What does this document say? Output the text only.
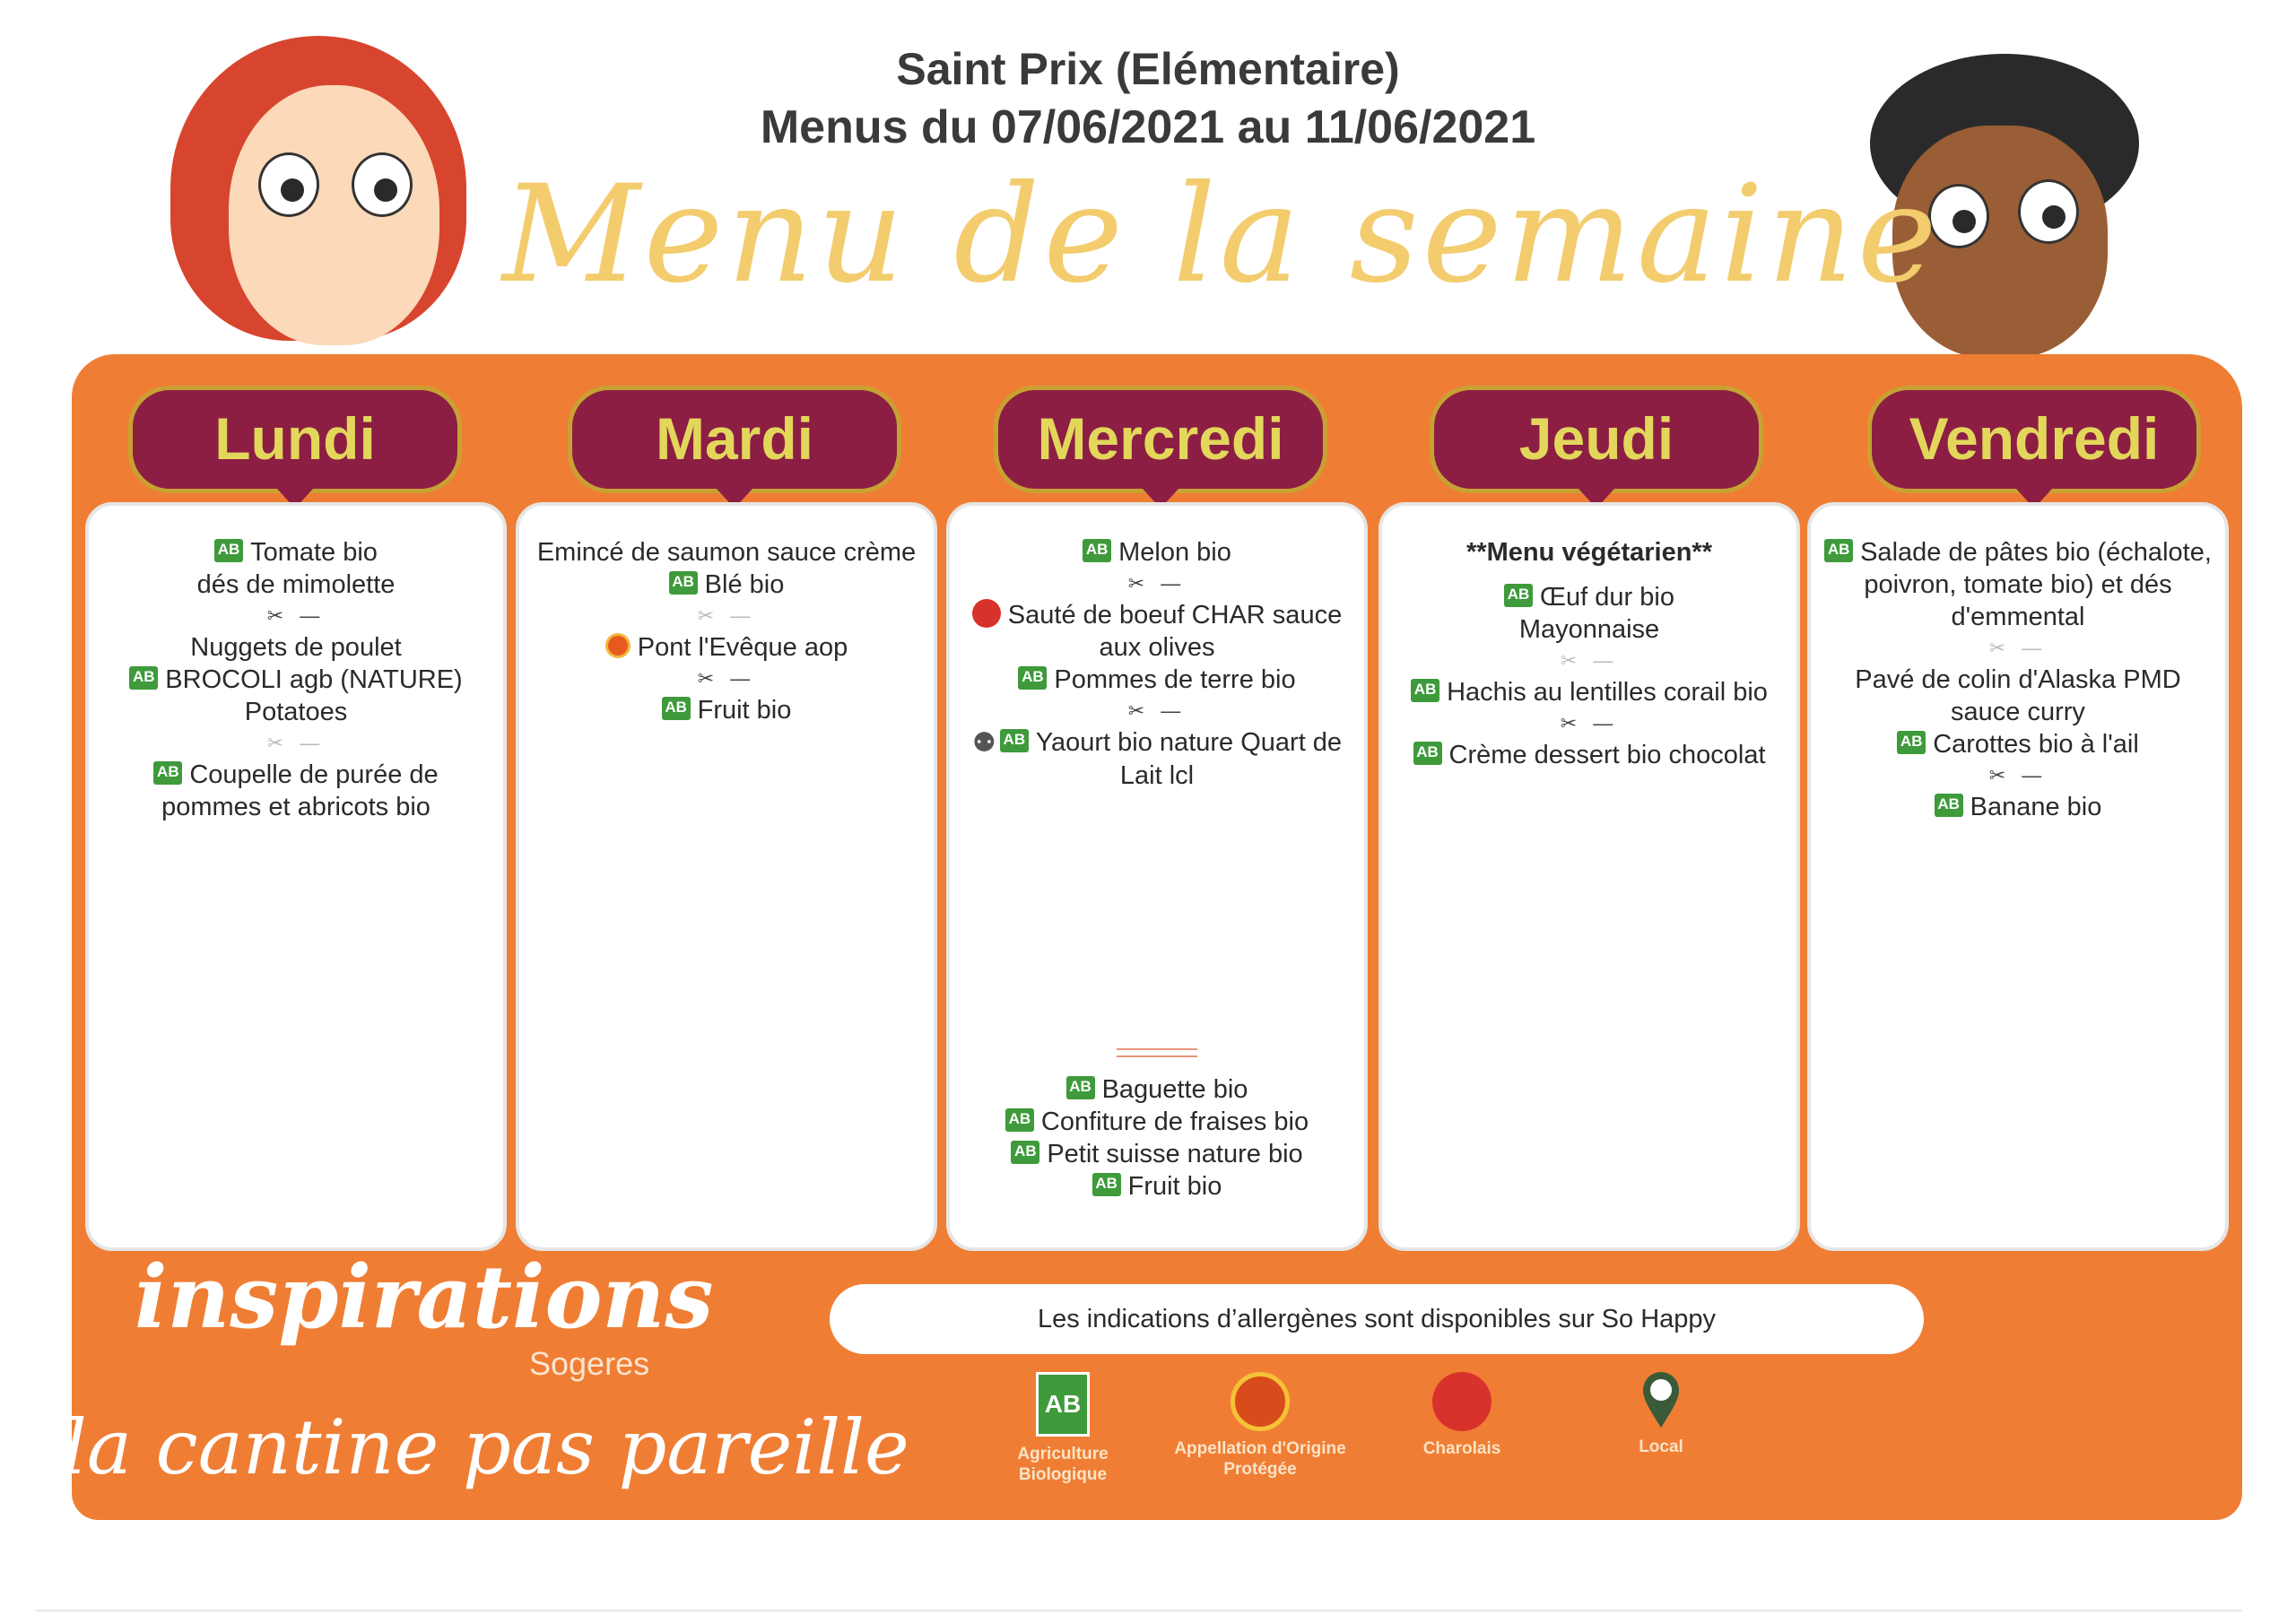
Saint Prix (Elémentaire)
Menus du 07/06/2021 au 11/06/2021
Menu de la semaine
Lundi
AB Tomate bio
dés de mimolette
✂ —
Nuggets de poulet
AB BROCOLI agb (NATURE)
Potatoes
✂ —
AB Coupelle de purée de pommes et abricots bio
Mardi
Emincé de saumon sauce crème
AB Blé bio
✂ —
Pont l'Evêque aop
✂ —
AB Fruit bio
Mercredi
AB Melon bio
✂ —
Sauté de boeuf CHAR sauce aux olives
AB Pommes de terre bio
✂ —
⚉ AB Yaourt bio nature Quart de Lait lcl
AB Baguette bio
AB Confiture de fraises bio
AB Petit suisse nature bio
AB Fruit bio
Jeudi
**Menu végétarien**
AB Œuf dur bio
Mayonnaise
✂ —
AB Hachis au lentilles corail bio
✂ —
AB Crème dessert bio chocolat
Vendredi
AB Salade de pâtes bio (échalote, poivron, tomate bio) et dés d'emmental
✂ —
Pavé de colin d'Alaska PMD sauce curry
AB Carottes bio à l'ail
✂ —
AB Banane bio
Les indications d’allergènes sont disponibles sur So Happy
inspirations
Sogeres
la cantine pas pareille	AB
Agriculture Biologique
Appellation d'Origine Protégée
Charolais	Local
